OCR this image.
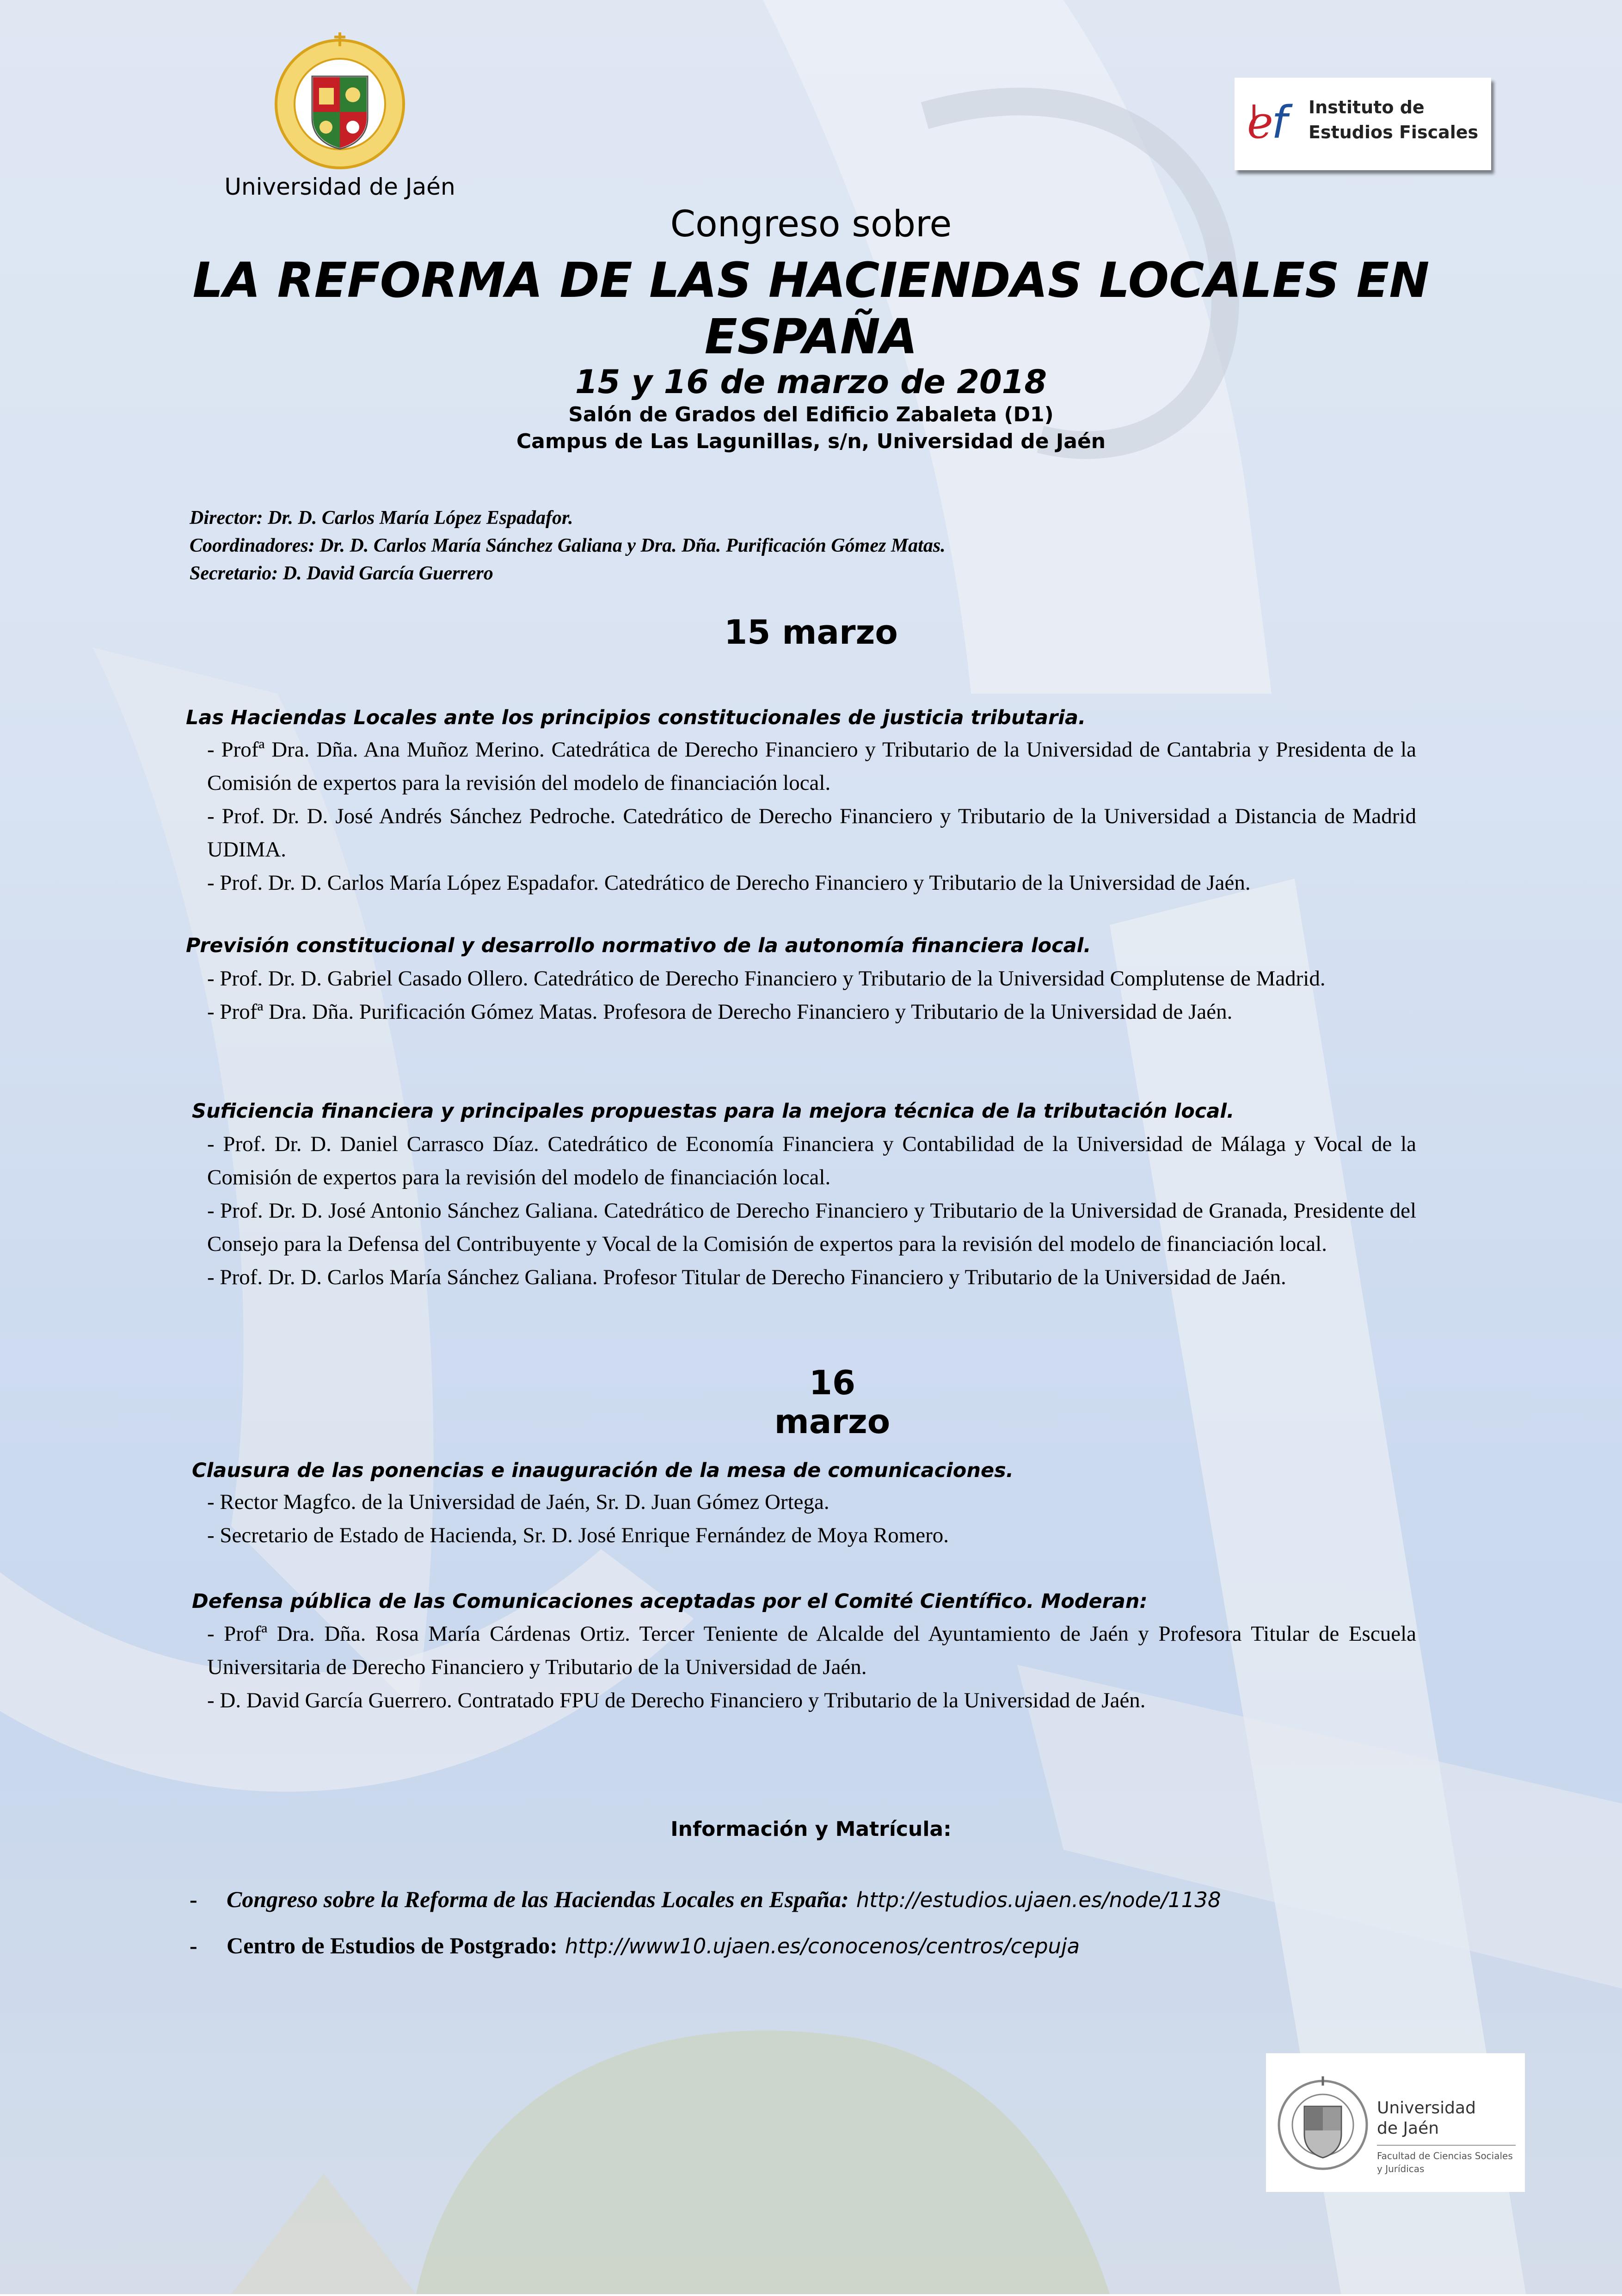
Universidad de Jaén
e
f	Instituto de
Estudios Fiscales
Congreso sobre
LA REFORMA DE LAS HACIENDAS LOCALES EN ESPAÑA
15 y 16 de marzo de 2018
Salón de Grados del Edificio Zabaleta (D1)
Campus de Las Lagunillas, s/n, Universidad de Jaén
Director: Dr. D. Carlos María López Espadafor.
Coordinadores: Dr. D. Carlos María Sánchez Galiana y Dra. Dña. Purificación Gómez Matas.
Secretario: D. David García Guerrero
15 marzo
Las Haciendas Locales ante los principios constitucionales de justicia tributaria.

- Profª Dra. Dña. Ana Muñoz Merino. Catedrática de Derecho Financiero y Tributario de la Universidad de Cantabria y Presidenta de la Comisión de expertos para la revisión del modelo de financiación local.

- Prof. Dr. D. José Andrés Sánchez Pedroche. Catedrático de Derecho Financiero y Tributario de la Universidad a Distancia de Madrid UDIMA.

- Prof. Dr. D. Carlos María López Espadafor. Catedrático de Derecho Financiero y Tributario de la Universidad de Jaén.

Previsión constitucional y desarrollo normativo de la autonomía financiera local.

- Prof. Dr. D. Gabriel Casado Ollero. Catedrático de Derecho Financiero y Tributario de la Universidad Complutense de Madrid.

- Profª Dra. Dña. Purificación Gómez Matas. Profesora de Derecho Financiero y Tributario de la Universidad de Jaén.

Suficiencia financiera y principales propuestas para la mejora técnica de la tributación local.

- Prof. Dr. D. Daniel Carrasco Díaz. Catedrático de Economía Financiera y Contabilidad de la Universidad de Málaga y Vocal de la Comisión de expertos para la revisión del modelo de financiación local.

- Prof. Dr. D. José Antonio Sánchez Galiana. Catedrático de Derecho Financiero y Tributario de la Universidad de Granada, Presidente del Consejo para la Defensa del Contribuyente y Vocal de la Comisión de expertos para la revisión del modelo de financiación local.

- Prof. Dr. D. Carlos María Sánchez Galiana. Profesor Titular de Derecho Financiero y Tributario de la Universidad de Jaén.

16 marzo
Clausura de las ponencias e inauguración de la mesa de comunicaciones.

- Rector Magfco. de la Universidad de Jaén, Sr. D. Juan Gómez Ortega.

- Secretario de Estado de Hacienda, Sr. D. José Enrique Fernández de Moya Romero.

Defensa pública de las Comunicaciones aceptadas por el Comité Científico. Moderan:

- Profª Dra. Dña. Rosa María Cárdenas Ortiz. Tercer Teniente de Alcalde del Ayuntamiento de Jaén y Profesora Titular de Escuela Universitaria de Derecho Financiero y Tributario de la Universidad de Jaén.

- D. David García Guerrero. Contratado FPU de Derecho Financiero y Tributario de la Universidad de Jaén.

Información y Matrícula:
- Congreso sobre la Reforma de las Haciendas Locales en España: http://estudios.ujaen.es/node/1138
- Centro de Estudios de Postgrado: http://www10.ujaen.es/conocenos/centros/cepuja
Universidad
de Jaén
Facultad de Ciencias Sociales
y Jurídicas
